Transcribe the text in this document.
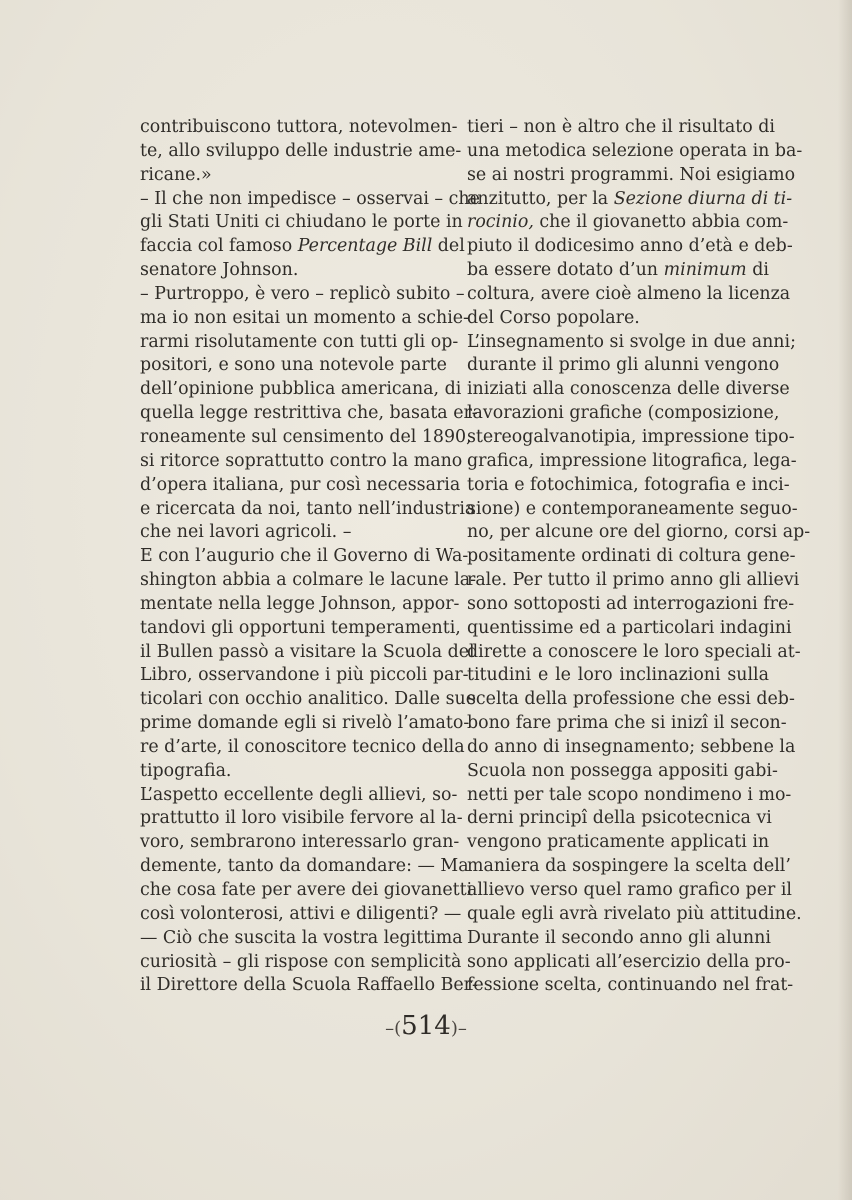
contribuiscono tuttora, notevolmen-
te, allo sviluppo delle industrie ame-
ricane.»
– Il che non impedisce – osservai – che
gli Stati Uniti ci chiudano le porte in
faccia col famoso Percentage Bill del
senatore Johnson.
– Purtroppo, è vero – replicò subito –
ma io non esitai un momento a schie-
rarmi risolutamente con tutti gli op-
positori, e sono una notevole parte
dell’opinione pubblica americana, di
quella legge restrittiva che, basata er-
roneamente sul censimento del 1890,
si ritorce soprattutto contro la mano
d’opera italiana, pur così necessaria
e ricercata da noi, tanto nell’industria
che nei lavori agricoli. –
E con l’augurio che il Governo di Wa-
shington abbia a colmare le lacune la-
mentate nella legge Johnson, appor-
tandovi gli opportuni temperamenti,
il Bullen passò a visitare la Scuola del
Libro, osservandone i più piccoli par-
ticolari con occhio analitico. Dalle sue
prime domande egli si rivelò l’amato-
re d’arte, il conoscitore tecnico della
tipografia.
L’aspetto eccellente degli allievi, so-
prattutto il loro visibile fervore al la-
voro, sembrarono interessarlo gran-
demente, tanto da domandare: — Ma
che cosa fate per avere dei giovanetti
così volonterosi, attivi e diligenti? —
— Ciò che suscita la vostra legittima
curiosità – gli rispose con semplicità
il Direttore della Scuola Raffaello Ber-
tieri – non è altro che il risultato di
una metodica selezione operata in ba-
se ai nostri programmi. Noi esigiamo
anzitutto, per la Sezione diurna di ti-
rocinio, che il giovanetto abbia com-
piuto il dodicesimo anno d’età e deb-
ba essere dotato d’un minimum di
coltura, avere cioè almeno la licenza
del Corso popolare.
L’insegnamento si svolge in due anni;
durante il primo gli alunni vengono
iniziati alla conoscenza delle diverse
lavorazioni grafiche (composizione,
stereogalvanotipia, impressione tipo-
grafica, impressione litografica, lega-
toria e fotochimica, fotografia e inci-
sione) e contemporaneamente seguo-
no, per alcune ore del giorno, corsi ap-
positamente ordinati di coltura gene-
rale. Per tutto il primo anno gli allievi
sono sottoposti ad interrogazioni fre-
quentissime ed a particolari indagini
dirette a conoscere le loro speciali at-
titudini e le loro inclinazioni sulla
scelta della professione che essi deb-
bono fare prima che si inizî il secon-
do anno di insegnamento; sebbene la
Scuola non possegga appositi gabi-
netti per tale scopo nondimeno i mo-
derni principî della psicotecnica vi
vengono praticamente applicati in
maniera da sospingere la scelta dell’
allievo verso quel ramo grafico per il
quale egli avrà rivelato più attitudine.
Durante il secondo anno gli alunni
sono applicati all’esercizio della pro-
fessione scelta, continuando nel frat-
–(514)–
